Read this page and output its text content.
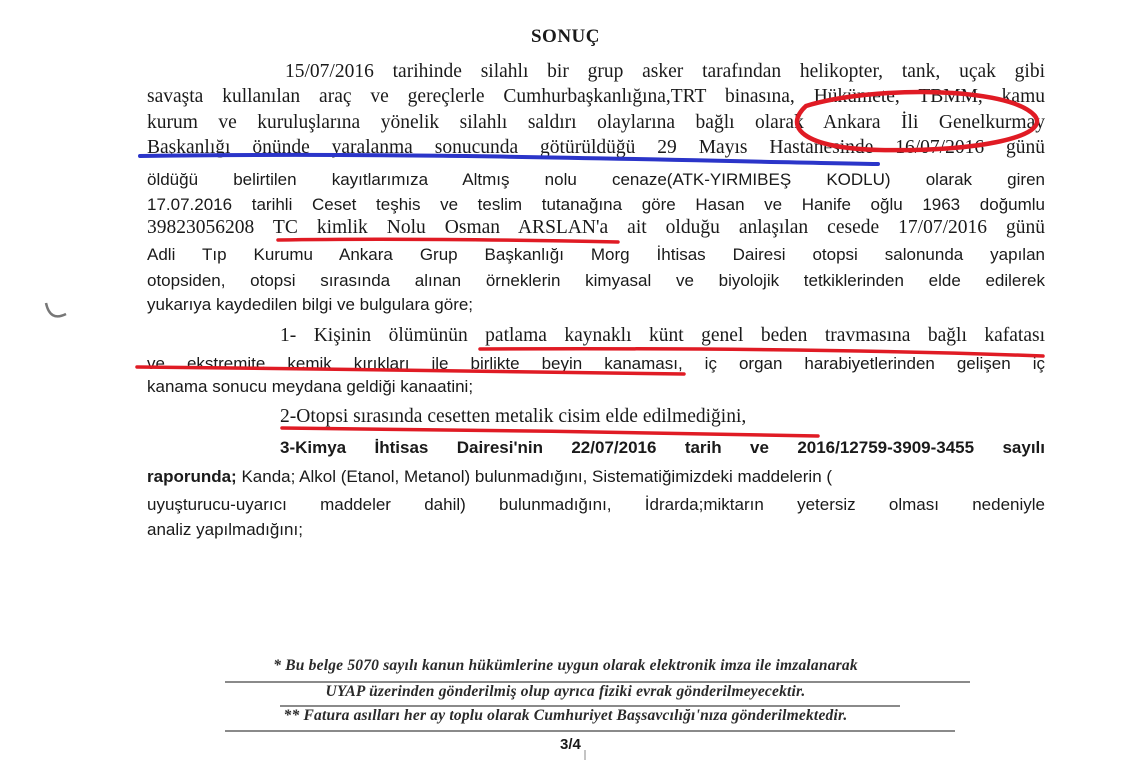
SONUÇ

15/07/2016 tarihinde silahlı bir grup asker tarafından helikopter, tank, uçak gibi

savaşta kullanılan araç ve gereçlerle Cumhurbaşkanlığına,TRT binasına, Hükümete, TBMM, kamu

kurum ve kuruluşlarına yönelik silahlı saldırı olaylarına bağlı olarak Ankara İli Genelkurmay

Başkanlığı önünde yaralanma sonucunda götürüldüğü 29 Mayıs Hastanesinde 16/07/2016 günü

öldüğü belirtilen kayıtlarımıza Altmış nolu cenaze(ATK-YIRMIBEŞ KODLU) olarak giren

17.07.2016 tarihli Ceset teşhis ve teslim tutanağına göre Hasan ve Hanife oğlu 1963 doğumlu

39823056208 TC kimlik Nolu Osman ARSLAN'a ait olduğu anlaşılan cesede 17/07/2016 günü

Adli Tıp Kurumu Ankara Grup Başkanlığı Morg İhtisas Dairesi otopsi salonunda yapılan

otopsiden, otopsi sırasında alınan örneklerin kimyasal ve biyolojik tetkiklerinden elde edilerek

yukarıya kaydedilen bilgi ve bulgulara göre;

1- Kişinin ölümünün patlama kaynaklı künt genel beden travmasına bağlı kafatası

ve ekstremite kemik kırıkları ile birlikte beyin kanaması, iç organ harabiyetlerinden gelişen iç

kanama sonucu meydana geldiği kanaatini;

2-Otopsi sırasında cesetten metalik cisim elde edilmediğini,

3-Kimya İhtisas Dairesi'nin 22/07/2016 tarih ve 2016/12759-3909-3455 sayılı

raporunda; Kanda; Alkol (Etanol, Metanol) bulunmadığını, Sistematiğimizdeki maddelerin (

uyuşturucu-uyarıcı maddeler dahil) bulunmadığını, İdrarda;miktarın yetersiz olması nedeniyle

analiz yapılmadığını;

* Bu belge 5070 sayılı kanun hükümlerine uygun olarak elektronik imza ile imzalanarak
UYAP üzerinden gönderilmiş olup ayrıca fiziki evrak gönderilmeyecektir.
** Fatura asılları her ay toplu olarak Cumhuriyet Başsavcılığı'nıza gönderilmektedir.
3/4
